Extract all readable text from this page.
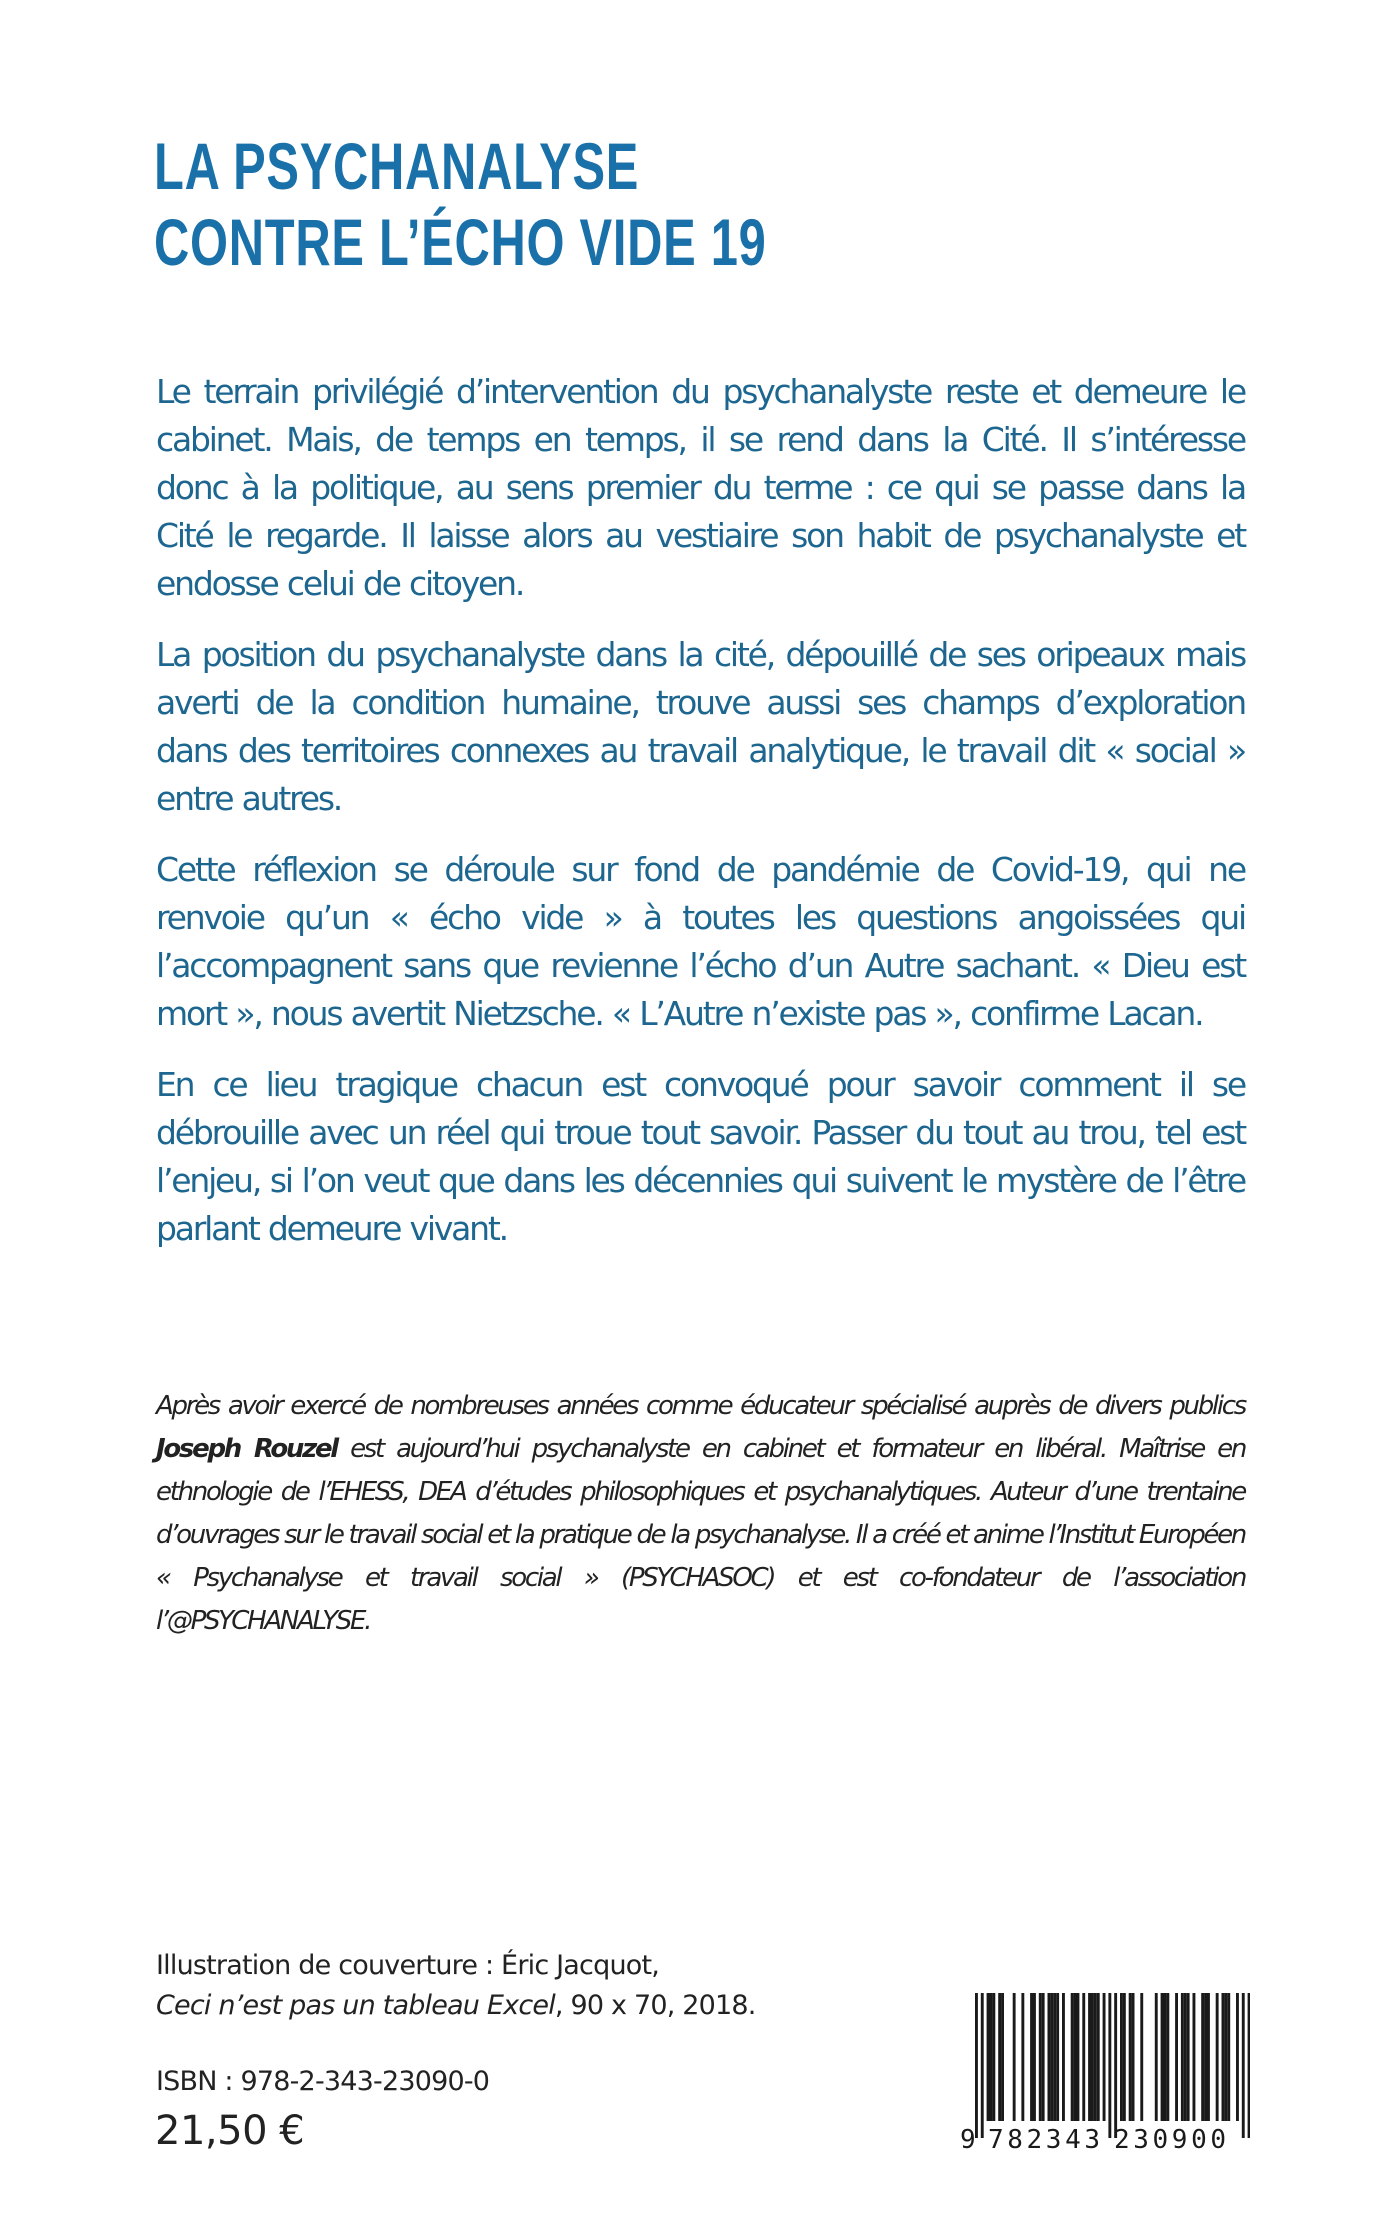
LA PSYCHANALYSE
CONTRE L’ÉCHO VIDE 19

Le terrain privilégié d’intervention du psychanalyste reste et demeure le cabinet. Mais, de temps en temps, il se rend dans la Cité. Il s’intéresse donc à la politique, au sens premier du terme : ce qui se passe dans la Cité le regarde. Il laisse alors au vestiaire son habit de psychanalyste et endosse celui de citoyen.

La position du psychanalyste dans la cité, dépouillé de ses oripeaux mais averti de la condition humaine, trouve aussi ses champs d’exploration dans des territoires connexes au travail analytique, le travail dit « social » entre autres.

Cette réflexion se déroule sur fond de pandémie de Covid-19, qui ne renvoie qu’un « écho vide » à toutes les questions angoissées qui l’accompagnent sans que revienne l’écho d’un Autre sachant. « Dieu est mort », nous avertit Nietzsche. « L’Autre n’existe pas », confirme Lacan.

En ce lieu tragique chacun est convoqué pour savoir comment il se débrouille avec un réel qui troue tout savoir. Passer du tout au trou, tel est l’enjeu, si l’on veut que dans les décennies qui suivent le mystère de l’être parlant demeure vivant.

Après avoir exercé de nombreuses années comme éducateur spécialisé auprès de divers publics Joseph Rouzel est aujourd’hui psychanalyste en cabinet et formateur en libéral. Maîtrise en ethnologie de l’EHESS, DEA d’études philosophiques et psychanalytiques. Auteur d’une trentaine d’ouvrages sur le travail social et la pratique de la psychanalyse. Il a créé et anime l’Institut Européen « Psychanalyse et travail social » (PSYCHASOC) et est co-fondateur de l’association l’@PSYCHANALYSE.

Illustration de couverture : Éric Jacquot,
Ceci n’est pas un tableau Excel, 90 x 70, 2018.
ISBN : 978-2-343-23090-0
21,50 €	9 782343 230900
